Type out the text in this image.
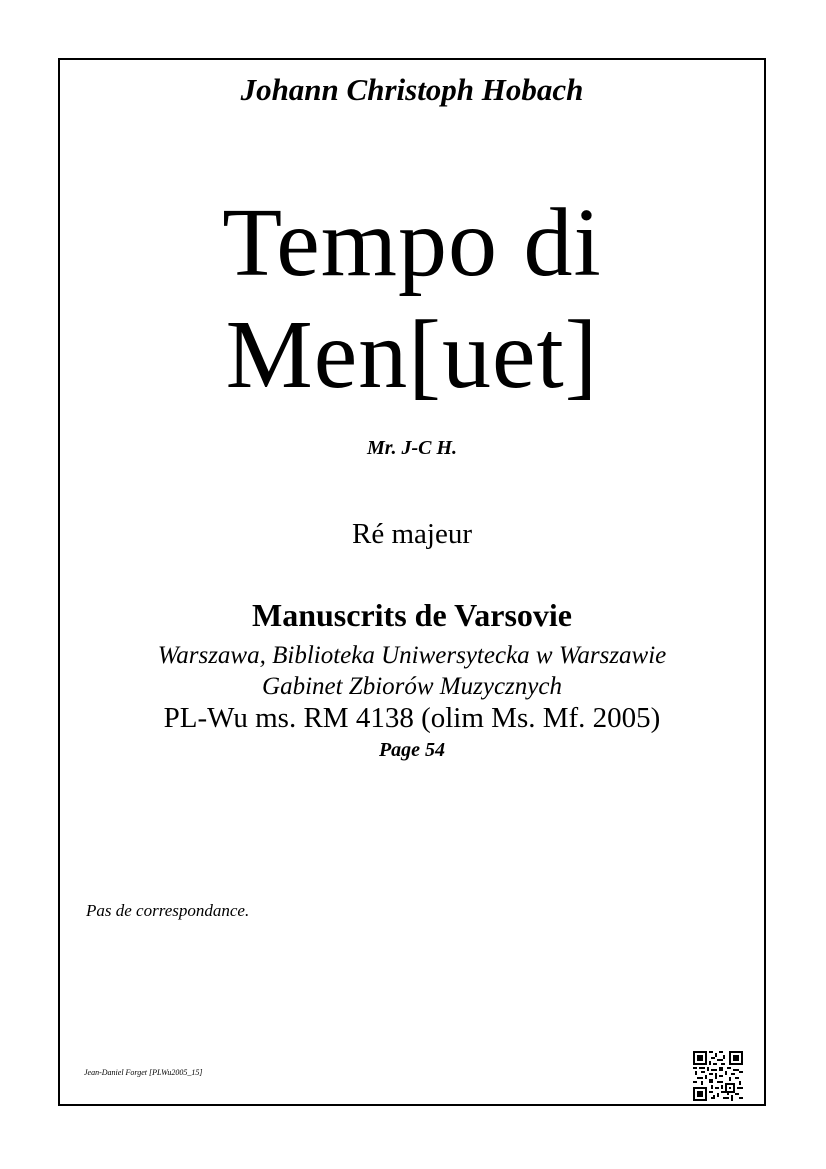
Johann Christoph Hobach
Tempo di
Men[uet]
Mr. J-C H.
Ré majeur
Manuscrits de Varsovie
Warszawa, Biblioteka Uniwersytecka w Warszawie
Gabinet Zbiorów Muzycznych
PL-Wu ms. RM 4138 (olim Ms. Mf. 2005)
Page 54
Pas de correspondance.
Jean-Daniel Forget [PLWu2005_15]
